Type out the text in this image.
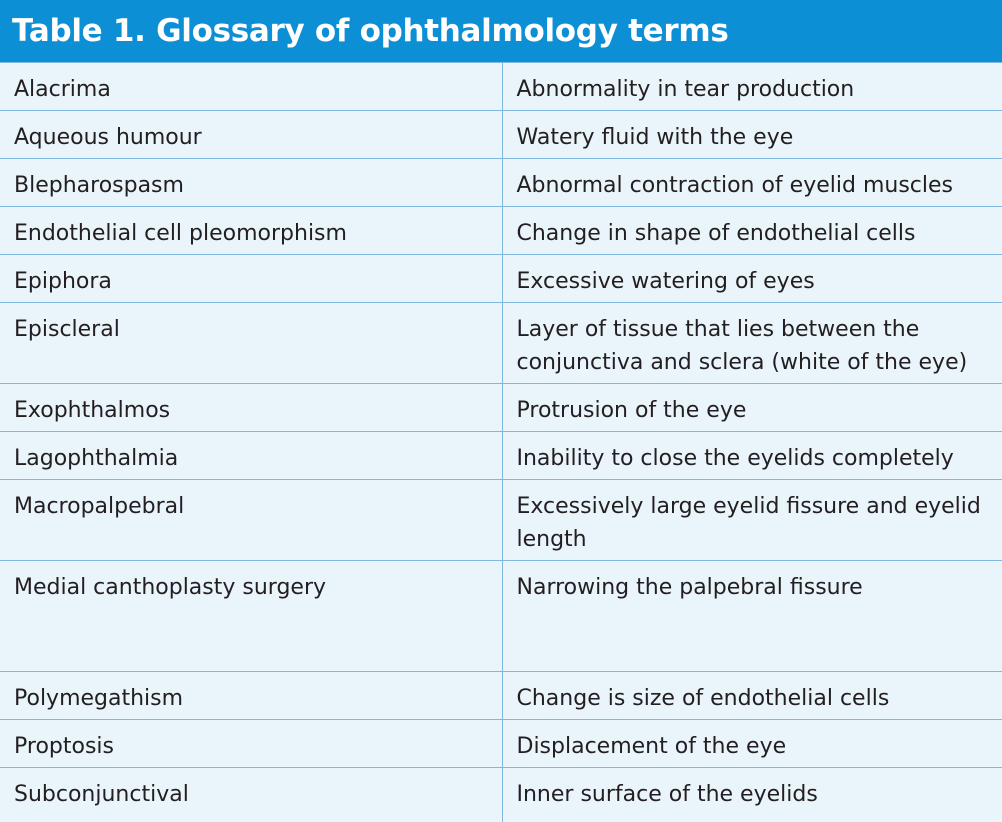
Table 1. Glossary of ophthalmology terms
Alacrima	Abnormality in tear production
Aqueous humour	Watery fluid with the eye
Blepharospasm	Abnormal contraction of eyelid muscles
Endothelial cell pleomorphism	Change in shape of endothelial cells
Epiphora	Excessive watering of eyes
Episcleral	Layer of tissue that lies between the conjunctiva and sclera (white of the eye)
Exophthalmos	Protrusion of the eye
Lagophthalmia	Inability to close the eyelids completely
Macropalpebral	Excessively large eyelid fissure and eyelid length
Medial canthoplasty surgery	Narrowing the palpebral fissure
Polymegathism	Change is size of endothelial cells
Proptosis	Displacement of the eye
Subconjunctival	Inner surface of the eyelids
